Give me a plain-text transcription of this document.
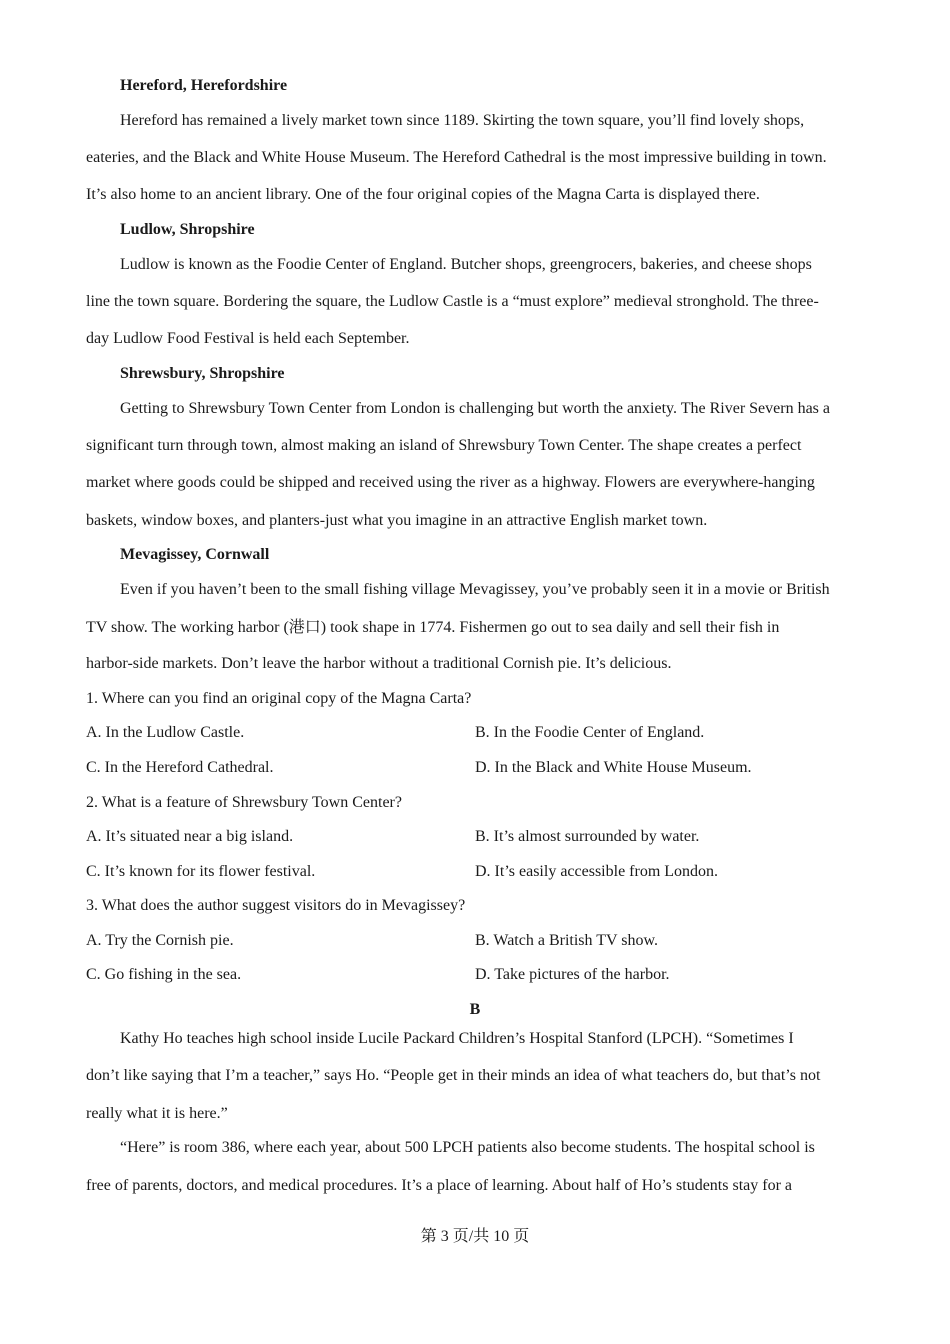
Hereford, Herefordshire
Hereford has remained a lively market town since 1189. Skirting the town square, you’ll find lovely shops,
eateries, and the Black and White House Museum. The Hereford Cathedral is the most impressive building in town.
It’s also home to an ancient library. One of the four original copies of the Magna Carta is displayed there.
Ludlow, Shropshire
Ludlow is known as the Foodie Center of England. Butcher shops, greengrocers, bakeries, and cheese shops
line the town square. Bordering the square, the Ludlow Castle is a “must explore” medieval stronghold. The three-
day Ludlow Food Festival is held each September.
Shrewsbury, Shropshire
Getting to Shrewsbury Town Center from London is challenging but worth the anxiety. The River Severn has a
significant turn through town, almost making an island of Shrewsbury Town Center. The shape creates a perfect
market where goods could be shipped and received using the river as a highway. Flowers are everywhere-hanging
baskets, window boxes, and planters-just what you imagine in an attractive English market town.
Mevagissey, Cornwall
Even if you haven’t been to the small fishing village Mevagissey, you’ve probably seen it in a movie or British
TV show. The working harbor (港口) took shape in 1774. Fishermen go out to sea daily and sell their fish in
harbor-side markets. Don’t leave the harbor without a traditional Cornish pie. It’s delicious.
1. Where can you find an original copy of the Magna Carta?
A. In the Ludlow Castle.	B. In the Foodie Center of England.
C. In the Hereford Cathedral.	D. In the Black and White House Museum.
2. What is a feature of Shrewsbury Town Center?
A. It’s situated near a big island.	B. It’s almost surrounded by water.
C. It’s known for its flower festival.	D. It’s easily accessible from London.
3. What does the author suggest visitors do in Mevagissey?
A. Try the Cornish pie.	B. Watch a British TV show.
C. Go fishing in the sea.	D. Take pictures of the harbor.
B
Kathy Ho teaches high school inside Lucile Packard Children’s Hospital Stanford (LPCH). “Sometimes I
don’t like saying that I’m a teacher,” says Ho. “People get in their minds an idea of what teachers do, but that’s not
really what it is here.”
“Here” is room 386, where each year, about 500 LPCH patients also become students. The hospital school is
free of parents, doctors, and medical procedures. It’s a place of learning. About half of Ho’s students stay for a
第 3 页/共 10 页
